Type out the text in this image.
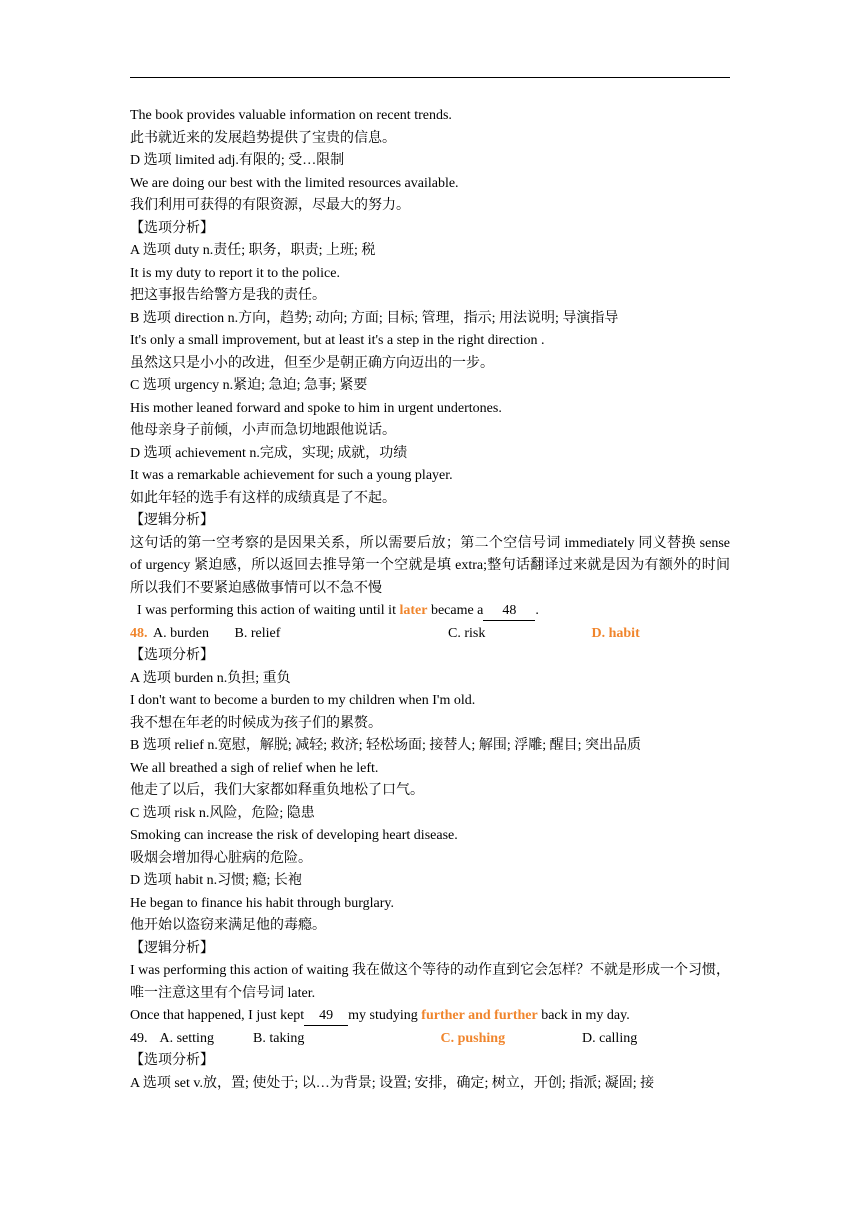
The book provides valuable information on recent trends.
此书就近来的发展趋势提供了宝贵的信息。
D 选项 limited adj.有限的; 受…限制
We are doing our best with the limited resources available.
我们利用可获得的有限资源，尽最大的努力。
【选项分析】
A 选项 duty n.责任; 职务，职责; 上班; 税
It is my duty to report it to the police.
把这事报告给警方是我的责任。
B 选项 direction n.方向，趋势; 动向; 方面; 目标; 管理，指示; 用法说明; 导演指导
It's only a small improvement, but at least it's a step in the right direction .
虽然这只是小小的改进，但至少是朝正确方向迈出的一步。
C 选项 urgency n.紧迫; 急迫; 急事; 紧要
His mother leaned forward and spoke to him in urgent undertones.
他母亲身子前倾，小声而急切地跟他说话。
D 选项 achievement n.完成，实现; 成就，功绩
It was a remarkable achievement for such a young player.
如此年轻的选手有这样的成绩真是了不起。
【逻辑分析】
这句话的第一空考察的是因果关系，所以需要后放；第二个空信号词 immediately 同义替换 sense of urgency 紧迫感，所以返回去推导第一个空就是填 extra;整句话翻译过来就是因为有额外的时间所以我们不要紧迫感做事情可以不急不慢
I was performing this action of waiting until it later became a 48 .
48. A. burden B. relief	C. risk	D. habit
【选项分析】
A 选项 burden n.负担; 重负
I don't want to become a burden to my children when I'm old.
我不想在年老的时候成为孩子们的累赘。
B 选项 relief n.宽慰，解脱; 减轻; 救济; 轻松场面; 接替人; 解围; 浮雕; 醒目; 突出品质
We all breathed a sigh of relief when he left.
他走了以后，我们大家都如释重负地松了口气。
C 选项 risk n.风险，危险; 隐患
Smoking can increase the risk of developing heart disease.
吸烟会增加得心脏病的危险。
D 选项 habit n.习惯; 瘾; 长袍
He began to finance his habit through burglary.
他开始以盗窃来满足他的毒瘾。
【逻辑分析】
I was performing this action of waiting 我在做这个等待的动作直到它会怎样？不就是形成一个习惯，唯一注意这里有个信号词 later.
Once that happened, I just kept 49 my studying further and further back in my day.
49. A. setting	B. taking	C. pushing	D. calling
【选项分析】
A 选项 set v.放，置; 使处于; 以…为背景; 设置; 安排，确定; 树立，开创; 指派; 凝固; 接
